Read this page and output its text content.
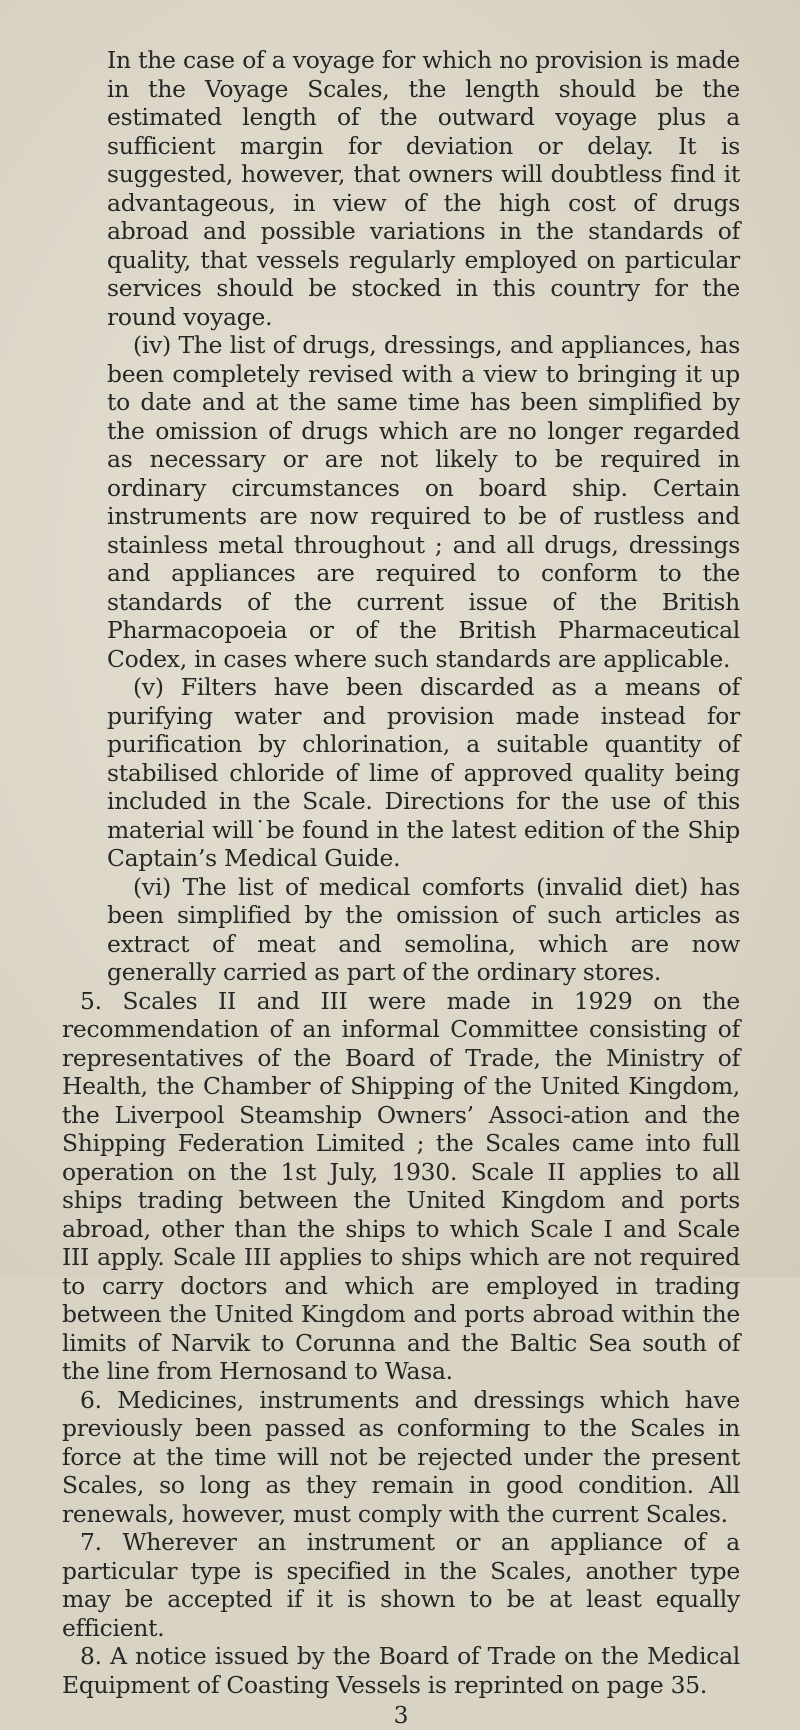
In the case of a voyage for which no provision is made in the Voyage Scales, the length should be the estimated length of the outward voyage plus a sufficient margin for deviation or delay. It is suggested, however, that owners will doubtless find it advantageous, in view of the high cost of drugs abroad and possible variations in the standards of quality, that vessels regularly employed on particular services should be stocked in this country for the round voyage.

(iv) The list of drugs, dressings, and appliances, has been completely revised with a view to bringing it up to date and at the same time has been simplified by the omission of drugs which are no longer regarded as necessary or are not likely to be required in ordinary circumstances on board ship. Certain instruments are now required to be of rustless and stainless metal throughout ; and all drugs, dressings and appliances are required to conform to the standards of the current issue of the British Pharmacopoeia or of the British Pharmaceutical Codex, in cases where such standards are applicable.

(v) Filters have been discarded as a means of purifying water and provision made instead for purification by chlorination, a suitable quantity of stabilised chloride of lime of approved quality being included in the Scale. Directions for the use of this material will˙be found in the latest edition of the Ship Captain’s Medical Guide.

(vi) The list of medical comforts (invalid diet) has been simplified by the omission of such articles as extract of meat and semolina, which are now generally carried as part of the ordinary stores.

5. Scales II and III were made in 1929 on the recommendation of an informal Committee consisting of representatives of the Board of Trade, the Ministry of Health, the Chamber of Shipping of the United Kingdom, the Liverpool Steamship Owners’ Associ-ation and the Shipping Federation Limited ; the Scales came into full operation on the 1st July, 1930. Scale II applies to all ships trading between the United Kingdom and ports abroad, other than the ships to which Scale I and Scale III apply. Scale III applies to ships which are not required to carry doctors and which are employed in trading between the United Kingdom and ports abroad within the limits of Narvik to Corunna and the Baltic Sea south of the line from Hernosand to Wasa.

6. Medicines, instruments and dressings which have previously been passed as conforming to the Scales in force at the time will not be rejected under the present Scales, so long as they remain in good condition. All renewals, however, must comply with the current Scales.

7. Wherever an instrument or an appliance of a particular type is specified in the Scales, another type may be accepted if it is shown to be at least equally efficient.

8. A notice issued by the Board of Trade on the Medical Equipment of Coasting Vessels is reprinted on page 35.

3
